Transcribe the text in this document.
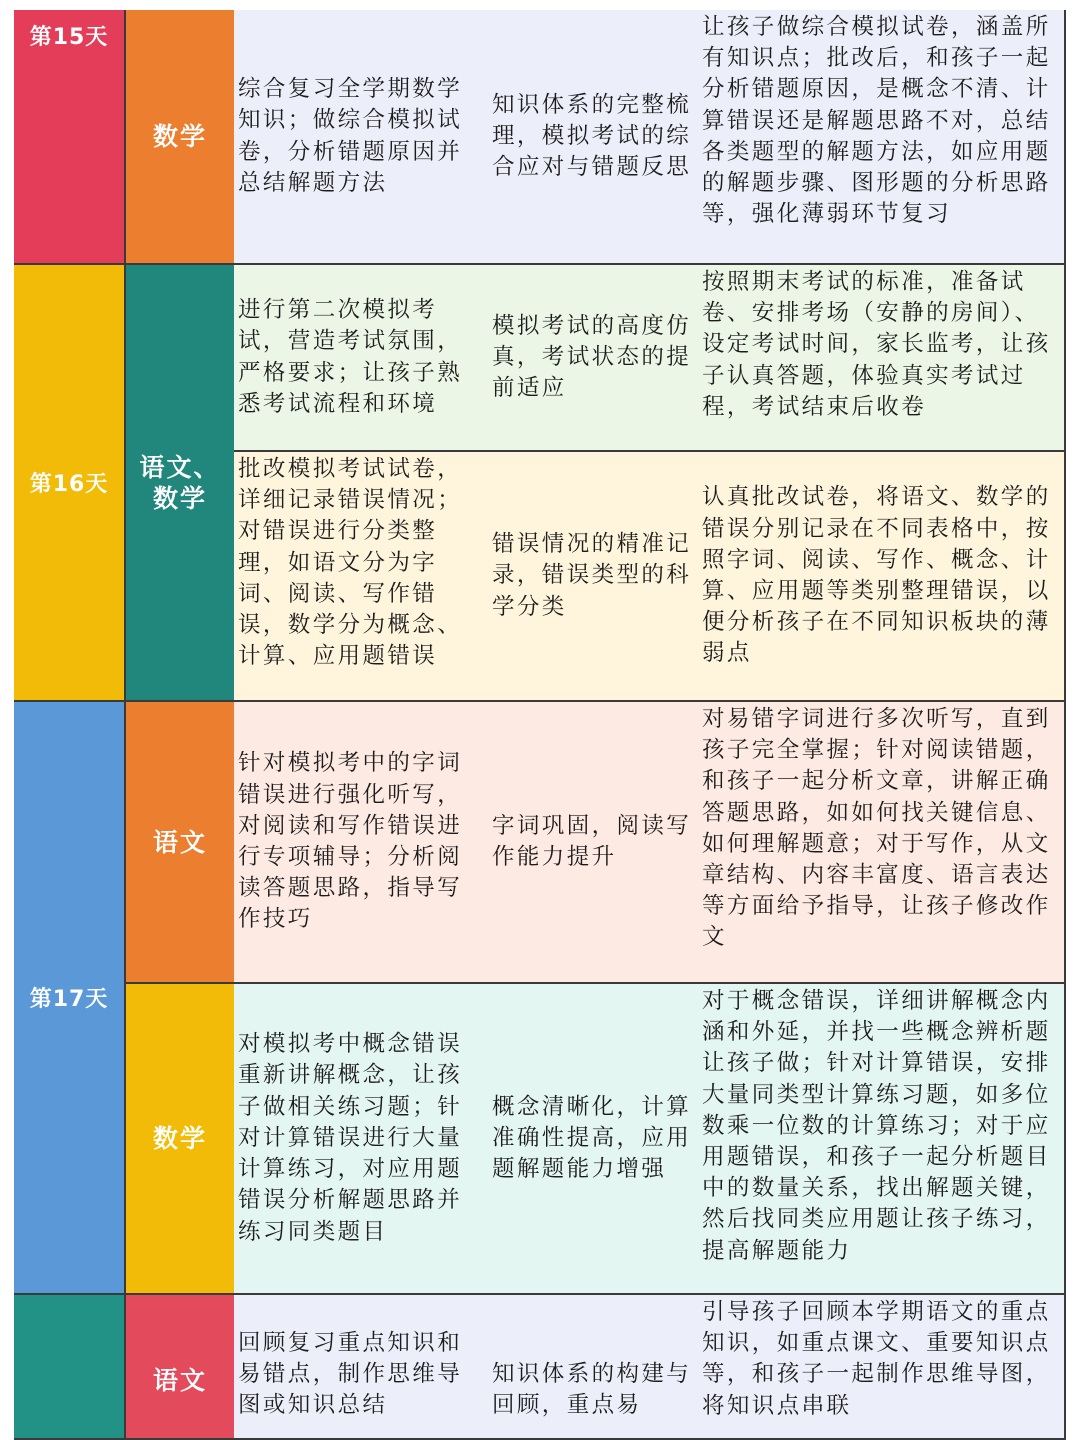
第15天
第16天
第17天
数学
语文、
数学
语文
数学
语文
综合复习全学期数学知识；做综合模拟试卷，分析错题原因并总结解题方法
知识体系的完整梳理，模拟考试的综合应对与错题反思
让孩子做综合模拟试卷，涵盖所有知识点；批改后，和孩子一起分析错题原因，是概念不清、计算错误还是解题思路不对，总结各类题型的解题方法，如应用题的解题步骤、图形题的分析思路等，强化薄弱环节复习
进行第二次模拟考试，营造考试氛围，严格要求；让孩子熟悉考试流程和环境
模拟考试的高度仿真，考试状态的提前适应
按照期末考试的标准，准备试卷、安排考场（安静的房间）、设定考试时间，家长监考，让孩子认真答题，体验真实考试过程，考试结束后收卷
批改模拟考试试卷，详细记录错误情况；对错误进行分类整理，如语文分为字词、阅读、写作错误，数学分为概念、计算、应用题错误
错误情况的精准记录，错误类型的科学分类
认真批改试卷，将语文、数学的错误分别记录在不同表格中，按照字词、阅读、写作、概念、计算、应用题等类别整理错误，以便分析孩子在不同知识板块的薄弱点
针对模拟考中的字词错误进行强化听写，对阅读和写作错误进行专项辅导；分析阅读答题思路，指导写作技巧
字词巩固，阅读写作能力提升
对易错字词进行多次听写，直到孩子完全掌握；针对阅读错题，和孩子一起分析文章，讲解正确答题思路，如如何找关键信息、如何理解题意；对于写作，从文章结构、内容丰富度、语言表达等方面给予指导，让孩子修改作文
对模拟考中概念错误重新讲解概念，让孩子做相关练习题；针对计算错误进行大量计算练习，对应用题错误分析解题思路并练习同类题目
概念清晰化，计算准确性提高，应用题解题能力增强
对于概念错误，详细讲解概念内涵和外延，并找一些概念辨析题让孩子做；针对计算错误，安排大量同类型计算练习题，如多位数乘一位数的计算练习；对于应用题错误，和孩子一起分析题目中的数量关系，找出解题关键，然后找同类应用题让孩子练习，提高解题能力
回顾复习重点知识和易错点，制作思维导图或知识总结
知识体系的构建与回顾，重点易
引导孩子回顾本学期语文的重点知识，如重点课文、重要知识点等，和孩子一起制作思维导图，将知识点串联
